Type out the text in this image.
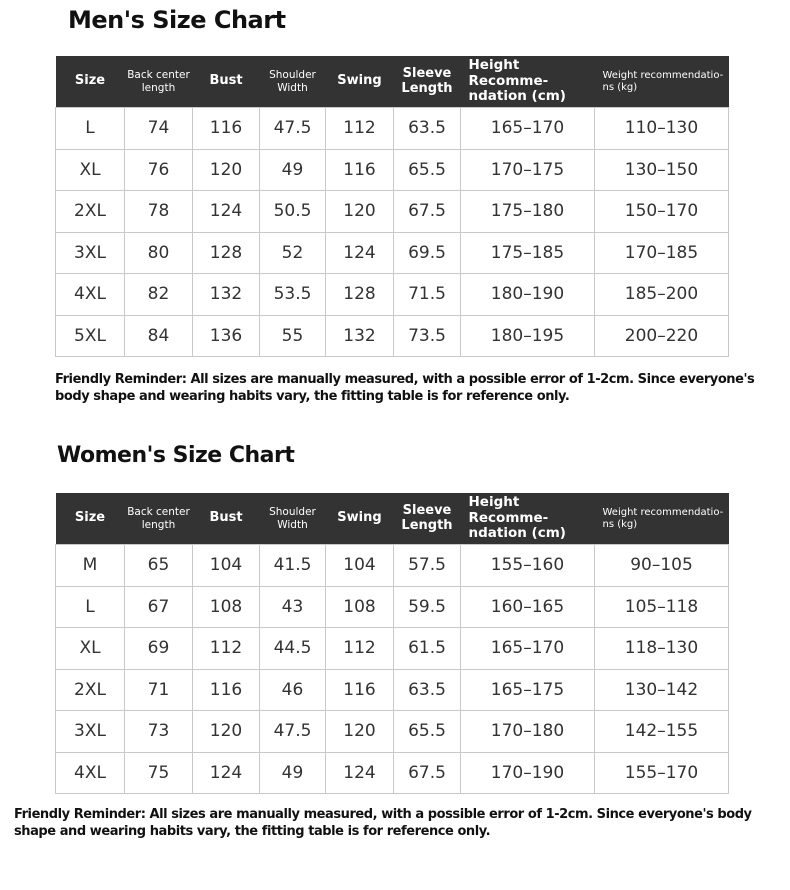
Men's Size Chart
Size	Back center length	Bust	Shoulder Width	Swing	Sleeve Length	Height Recomme-ndation (cm)	Weight recommendatio-ns (kg)
L	74	116	47.5	112	63.5	165–170	110–130
XL	76	120	49	116	65.5	170–175	130–150
2XL	78	124	50.5	120	67.5	175–180	150–170
3XL	80	128	52	124	69.5	175–185	170–185
4XL	82	132	53.5	128	71.5	180–190	185–200
5XL	84	136	55	132	73.5	180–195	200–220
Friendly Reminder: All sizes are manually measured, with a possible error of 1-2cm. Since everyone's body shape and wearing habits vary, the fitting table is for reference only.
Women's Size Chart
Size	Back center length	Bust	Shoulder Width	Swing	Sleeve Length	Height Recomme-ndation (cm)	Weight recommendatio-ns (kg)
M	65	104	41.5	104	57.5	155–160	90–105
L	67	108	43	108	59.5	160–165	105–118
XL	69	112	44.5	112	61.5	165–170	118–130
2XL	71	116	46	116	63.5	165–175	130–142
3XL	73	120	47.5	120	65.5	170–180	142–155
4XL	75	124	49	124	67.5	170–190	155–170
Friendly Reminder: All sizes are manually measured, with a possible error of 1-2cm. Since everyone's body shape and wearing habits vary, the fitting table is for reference only.
